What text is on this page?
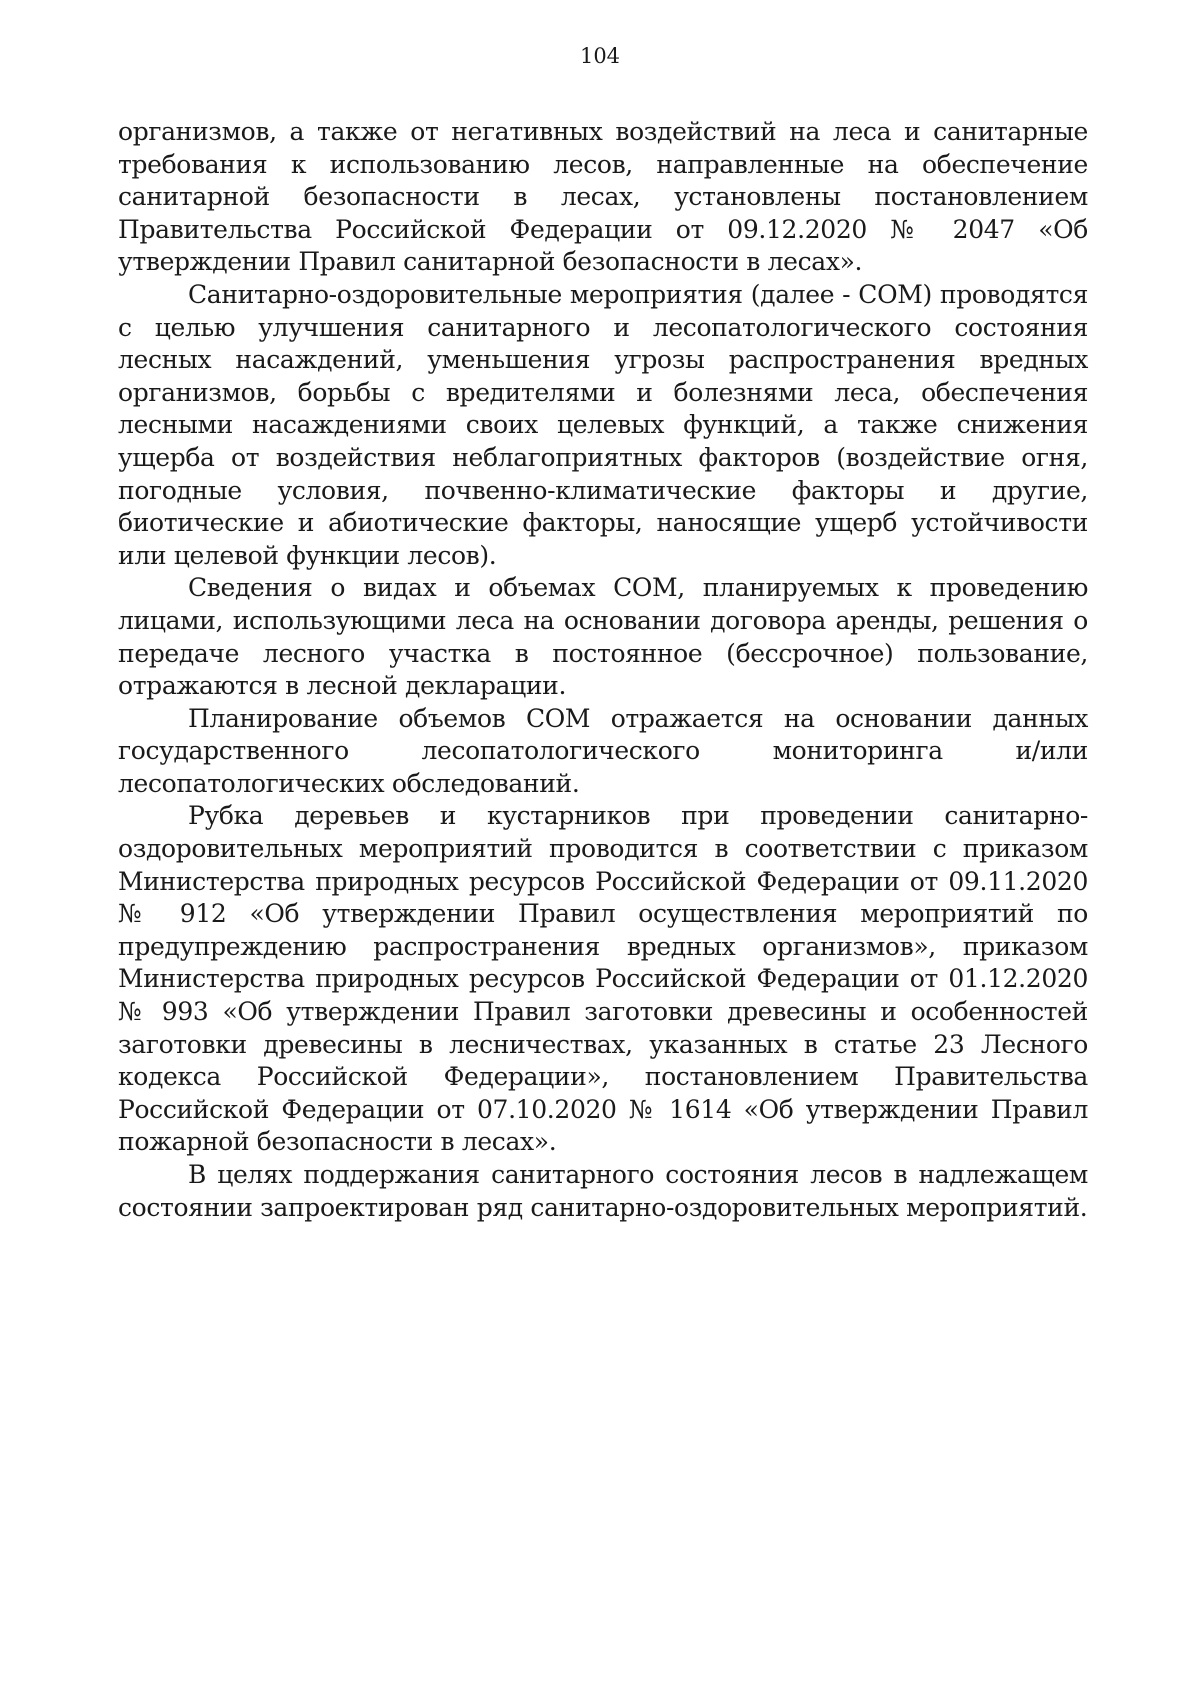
104

организмов, а также от негативных воздействий на леса и санитарные требования к использованию лесов, направленные на обеспечение санитарной безопасности в лесах, установлены постановлением Правительства Российской Федерации от 09.12.2020 № 2047 «Об утверждении Правил санитарной безопасности в лесах».

Санитарно-оздоровительные мероприятия (далее - СОМ) проводятся с целью улучшения санитарного и лесопатологического состояния лесных насаждений, уменьшения угрозы распространения вредных организмов, борьбы с вредителями и болезнями леса, обеспечения лесными насаждениями своих целевых функций, а также снижения ущерба от воздействия неблагоприятных факторов (воздействие огня, погодные условия, почвенно-климатические факторы и другие, биотические и абиотические факторы, наносящие ущерб устойчивости или целевой функции лесов).

Сведения о видах и объемах СОМ, планируемых к проведению лицами, использующими леса на основании договора аренды, решения о передаче лесного участка в постоянное (бессрочное) пользование, отражаются в лесной декларации.

Планирование объемов СОМ отражается на основании данных государственного лесопатологического мониторинга и/или лесопатологических обследований.

Рубка деревьев и кустарников при проведении санитарно-оздоровительных мероприятий проводится в соответствии с приказом Министерства природных ресурсов Российской Федерации от 09.11.2020 № 912 «Об утверждении Правил осуществления мероприятий по предупреждению распространения вредных организмов», приказом Министерства природных ресурсов Российской Федерации от 01.12.2020 № 993 «Об утверждении Правил заготовки древесины и особенностей заготовки древесины в лесничествах, указанных в статье 23 Лесного кодекса Российской Федерации», постановлением Правительства Российской Федерации от 07.10.2020 № 1614 «Об утверждении Правил пожарной безопасности в лесах».

В целях поддержания санитарного состояния лесов в надлежащем состоянии запроектирован ряд санитарно-оздоровительных мероприятий.
